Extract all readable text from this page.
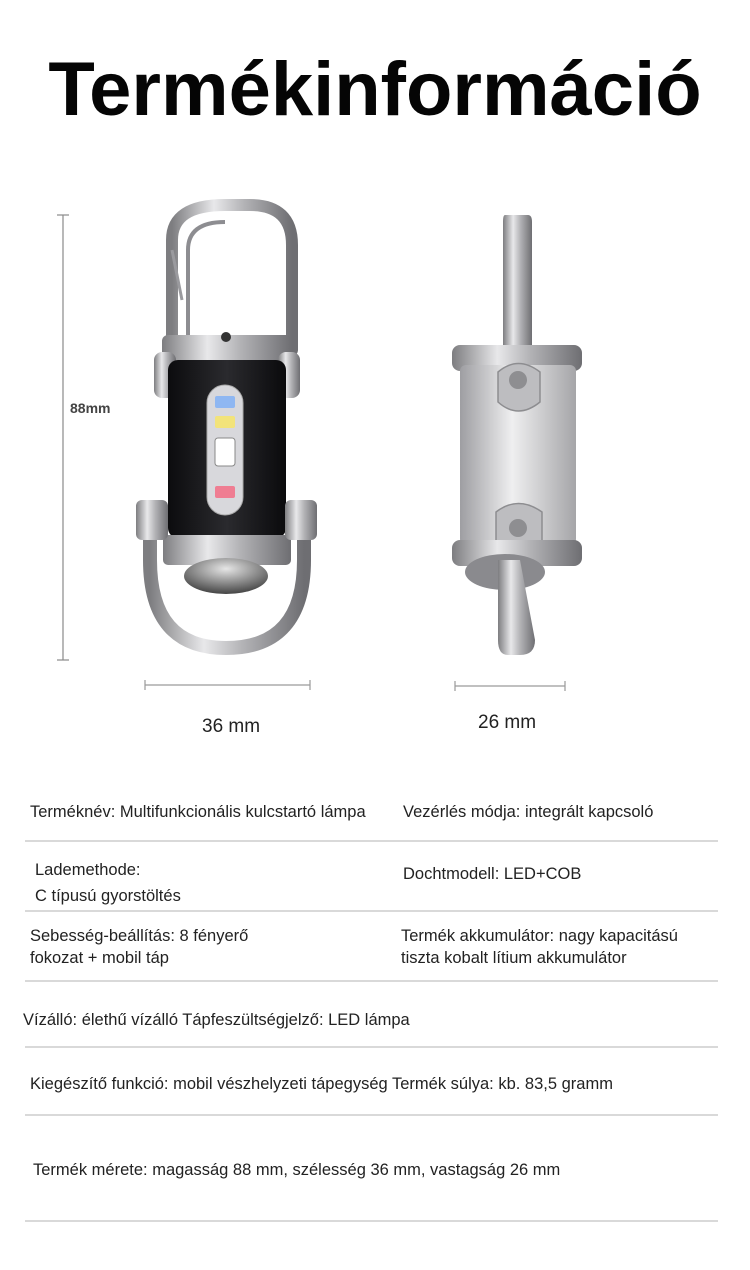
Termékinformáció
88mm
36 mm	26 mm
Terméknév: Multifunkcionális kulcstartó lámpa Vezérlés módja: integrált kapcsoló
Lademethode:
C típusú gyorstöltés
Dochtmodell: LED+COB
Sebesség-beállítás: 8 fényerő
fokozat + mobil táp
Termék akkumulátor: nagy kapacitású
tiszta kobalt lítium akkumulátor
Vízálló: élethű vízálló Tápfeszültségjelző: LED lámpa
Kiegészítő funkció: mobil vészhelyzeti tápegység Termék súlya: kb. 83,5 gramm
Termék mérete: magasság 88 mm, szélesség 36 mm, vastagság 26 mm
